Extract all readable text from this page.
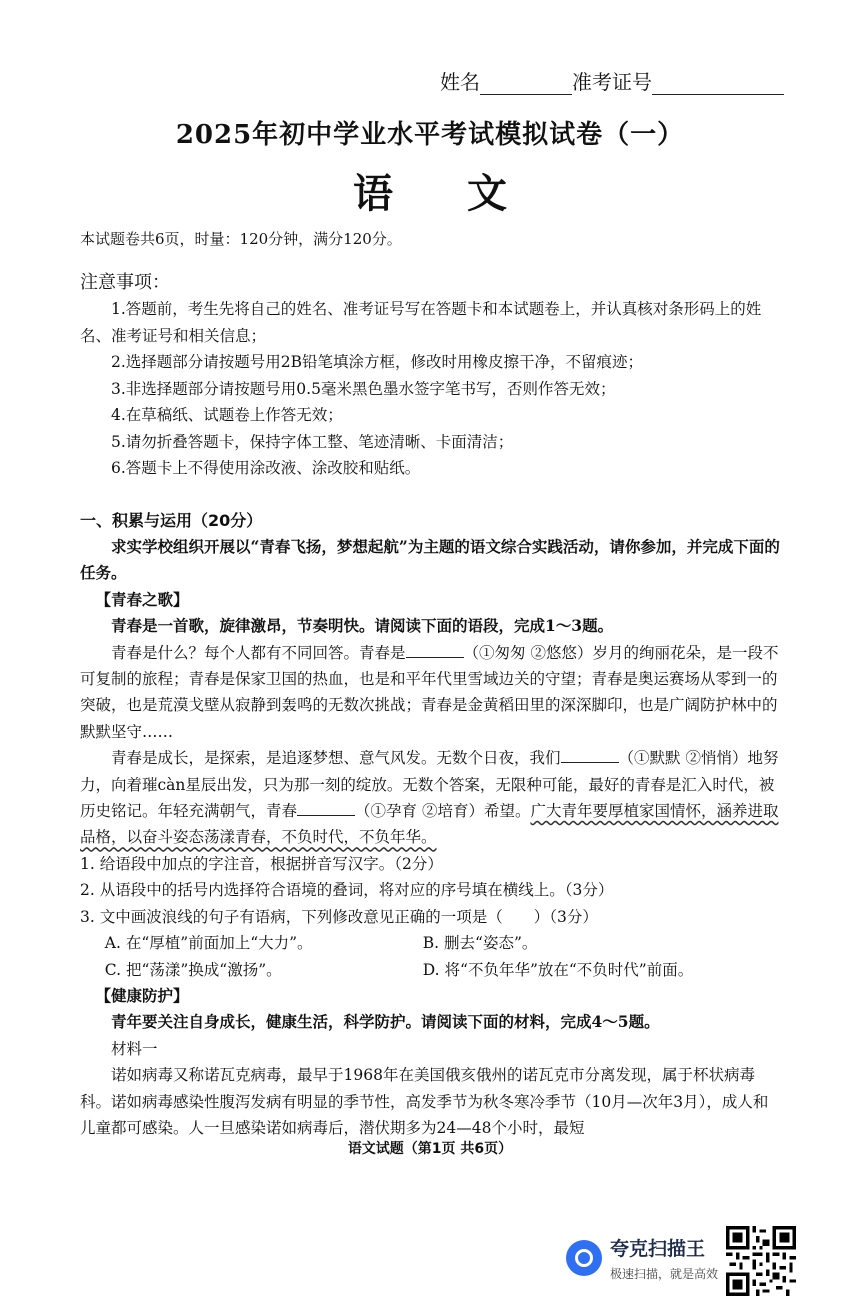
姓名	准考证号
2025年初中学业水平考试模拟试卷（一）
语 文
本试题卷共6页，时量：120分钟，满分120分。
注意事项：

1.答题前，考生先将自己的姓名、准考证号写在答题卡和本试题卷上，并认真核对条形码上的姓名、准考证号和相关信息；

2.选择题部分请按题号用2B铅笔填涂方框，修改时用橡皮擦干净，不留痕迹；

3.非选择题部分请按题号用0.5毫米黑色墨水签字笔书写，否则作答无效；

4.在草稿纸、试题卷上作答无效；

5.请勿折叠答题卡，保持字体工整、笔迹清晰、卡面清洁；

6.答题卡上不得使用涂改液、涂改胶和贴纸。

一、积累与运用（20分）

求实学校组织开展以“青春飞扬，梦想起航”为主题的语文综合实践活动，请你参加，并完成下面的任务。

【青春之歌】

青春是一首歌，旋律激昂，节奏明快。请阅读下面的语段，完成1～3题。

青春是什么？每个人都有不同回答。青春是	（①匆匆 ②悠悠）岁月的绚丽花朵，是一段不可复制的旅程；青春是保家卫国的热血，也是和平年代里雪域边关的守望；青春是奥运赛场从零到一的突破，也是荒漠戈壁从寂静到轰鸣的无数次挑战；青春是金黄稻田里的深深脚印，也是广阔防护林中的默默坚守……

青春是成长，是探索，是追逐梦想、意气风发。无数个日夜，我们	（①默默 ②悄悄）地努力，向着璀càn星辰出发，只为那一刻的绽放。无数个答案，无限种可能，最好的青春是汇入时代，被历史铭记。年轻充满朝气，青春	（①孕育 ②培育）希望。广大青年要厚植家国情怀，涵养进取品格，以奋斗姿态荡漾青春，不负时代，不负年华。

1. 给语段中加点的字注音，根据拼音写汉字。（2分）

2. 从语段中的括号内选择符合语境的叠词，将对应的序号填在横线上。（3分）

3. 文中画波浪线的句子有语病，下列修改意见正确的一项是（　　）（3分）

A. 在“厚植”前面加上“大力”。	B. 删去“姿态”。

C. 把“荡漾”换成“激扬”。	D. 将“不负年华”放在“不负时代”前面。

【健康防护】

青年要关注自身成长，健康生活，科学防护。请阅读下面的材料，完成4～5题。

材料一

诺如病毒又称诺瓦克病毒，最早于1968年在美国俄亥俄州的诺瓦克市分离发现，属于杯状病毒科。诺如病毒感染性腹泻发病有明显的季节性，高发季节为秋冬寒冷季节（10月—次年3月），成人和儿童都可感染。人一旦感染诺如病毒后，潜伏期多为24—48个小时，最短

语文试题（第1页 共6页）
夸克扫描王
极速扫描，就是高效
